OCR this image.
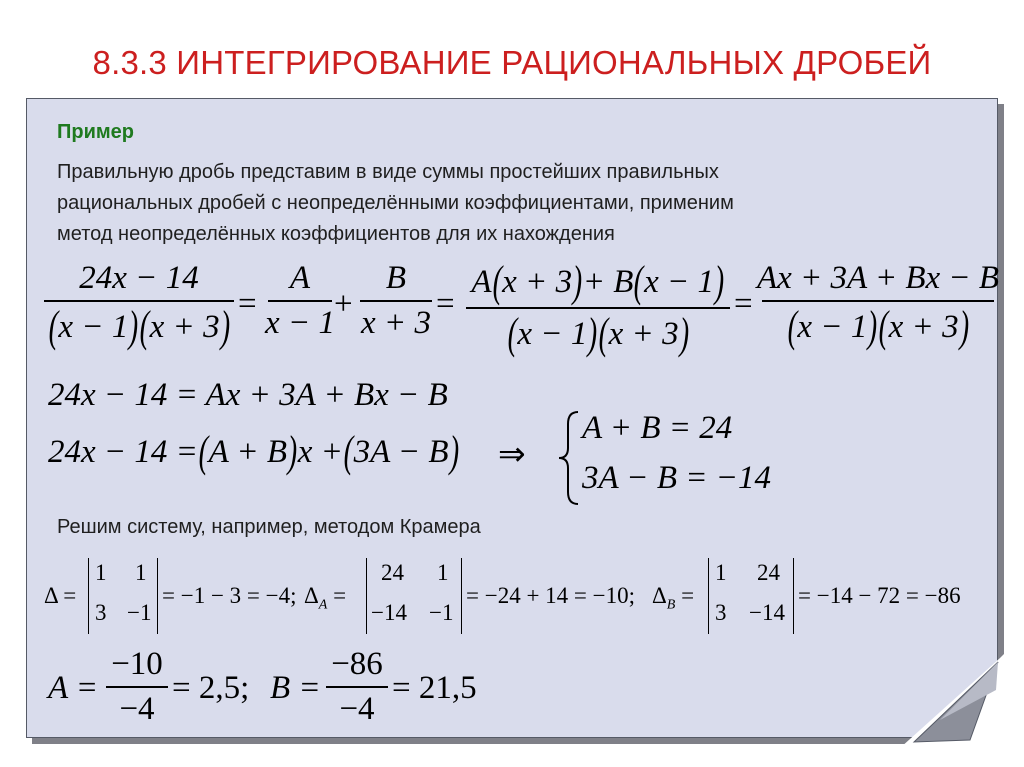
8.3.3 ИНТЕГРИРОВАНИЕ РАЦИОНАЛЬНЫХ ДРОБЕЙ
Пример
Правильную дробь представим в виде суммы простейших правильных
рациональных дробей с неопределёнными коэффициентами, применим
метод неопределённых коэффициентов для их нахождения
24x − 14
(x − 1)(x + 3) =
A
x − 1
+
B
x + 3
=
A(x + 3)+ B(x − 1)
(x − 1)(x + 3)
=
Ax + 3A + Bx − B
(x − 1)(x + 3)
24x − 14 = Ax + 3A + Bx − B
24x − 14 =(A + B)x +(3A − B) ⇒
A + B = 24
3A − B = −14
Решим систему, например, методом Крамера
Δ =
1 1
3 −1
= −1 − 3 = −4; $\Delta_A$ =
24 1
−14 −1
= −24 + 14 = −10; $\Delta_B$ =
1 24
3 −14
= −14 − 72 = −86
A =
−10
−4
= 2,5; B =
−86
−4
= 21,5
